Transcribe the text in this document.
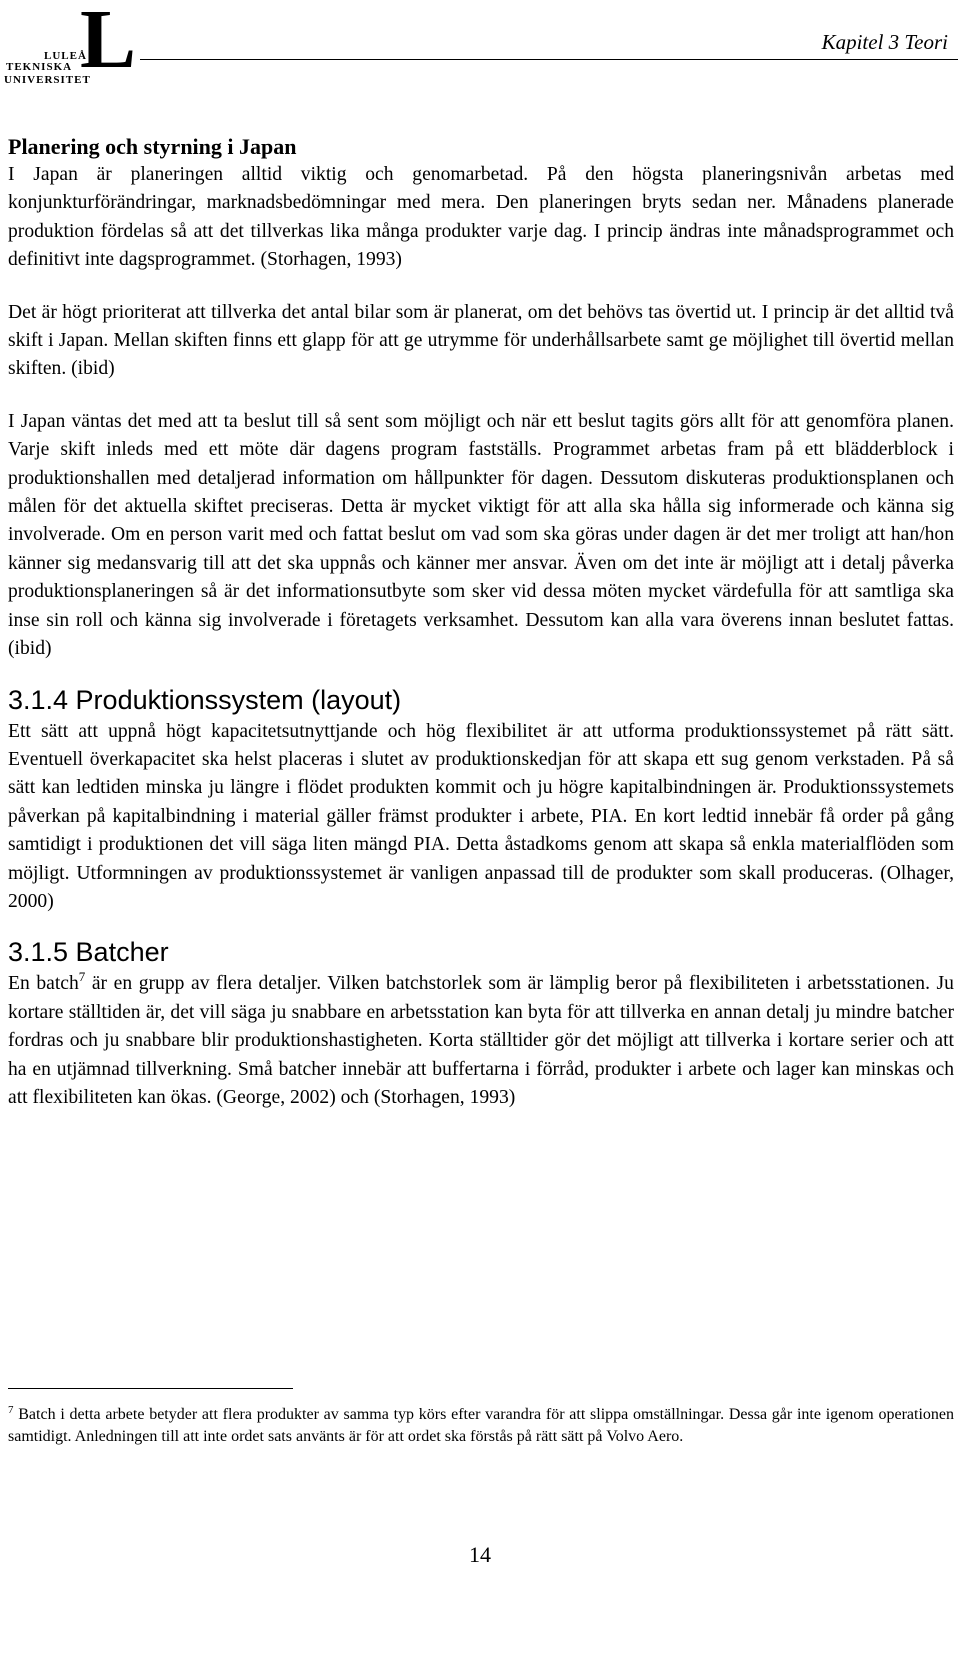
L
LULEÅ
TEKNISKA
UNIVERSITET
Kapitel 3 Teori
Planering och styrning i Japan

I Japan är planeringen alltid viktig och genomarbetad. På den högsta planeringsnivån arbetas med konjunkturförändringar, marknadsbedömningar med mera. Den planeringen bryts sedan ner. Månadens planerade produktion fördelas så att det tillverkas lika många produkter varje dag. I princip ändras inte månadsprogrammet och definitivt inte dagsprogrammet. (Storhagen, 1993)

Det är högt prioriterat att tillverka det antal bilar som är planerat, om det behövs tas övertid ut. I princip är det alltid två skift i Japan. Mellan skiften finns ett glapp för att ge utrymme för underhållsarbete samt ge möjlighet till övertid mellan skiften. (ibid)

I Japan väntas det med att ta beslut till så sent som möjligt och när ett beslut tagits görs allt för att genomföra planen. Varje skift inleds med ett möte där dagens program fastställs. Programmet arbetas fram på ett blädderblock i produktionshallen med detaljerad information om hållpunkter för dagen. Dessutom diskuteras produktionsplanen och målen för det aktuella skiftet preciseras. Detta är mycket viktigt för att alla ska hålla sig informerade och känna sig involverade. Om en person varit med och fattat beslut om vad som ska göras under dagen är det mer troligt att han/hon känner sig medansvarig till att det ska uppnås och känner mer ansvar. Även om det inte är möjligt att i detalj påverka produktionsplaneringen så är det informationsutbyte som sker vid dessa möten mycket värdefulla för att samtliga ska inse sin roll och känna sig involverade i företagets verksamhet. Dessutom kan alla vara överens innan beslutet fattas. (ibid)

3.1.4 Produktionssystem (layout)

Ett sätt att uppnå högt kapacitetsutnyttjande och hög flexibilitet är att utforma produktionssystemet på rätt sätt. Eventuell överkapacitet ska helst placeras i slutet av produktionskedjan för att skapa ett sug genom verkstaden. På så sätt kan ledtiden minska ju längre i flödet produkten kommit och ju högre kapitalbindningen är. Produktionssystemets påverkan på kapitalbindning i material gäller främst produkter i arbete, PIA. En kort ledtid innebär få order på gång samtidigt i produktionen det vill säga liten mängd PIA. Detta åstadkoms genom att skapa så enkla materialflöden som möjligt. Utformningen av produktionssystemet är vanligen anpassad till de produkter som skall produceras. (Olhager, 2000)

3.1.5 Batcher

En batch$^7$ är en grupp av flera detaljer. Vilken batchstorlek som är lämplig beror på flexibiliteten i arbetsstationen. Ju kortare ställtiden är, det vill säga ju snabbare en arbetsstation kan byta för att tillverka en annan detalj ju mindre batcher fordras och ju snabbare blir produktionshastigheten. Korta ställtider gör det möjligt att tillverka i kortare serier och att ha en utjämnad tillverkning. Små batcher innebär att buffertarna i förråd, produkter i arbete och lager kan minskas och att flexibiliteten kan ökas. (George, 2002) och (Storhagen, 1993)

$^7$ Batch i detta arbete betyder att flera produkter av samma typ körs efter varandra för att slippa omställningar. Dessa går inte igenom operationen samtidigt. Anledningen till att inte ordet sats använts är för att ordet ska förstås på rätt sätt på Volvo Aero.
14
